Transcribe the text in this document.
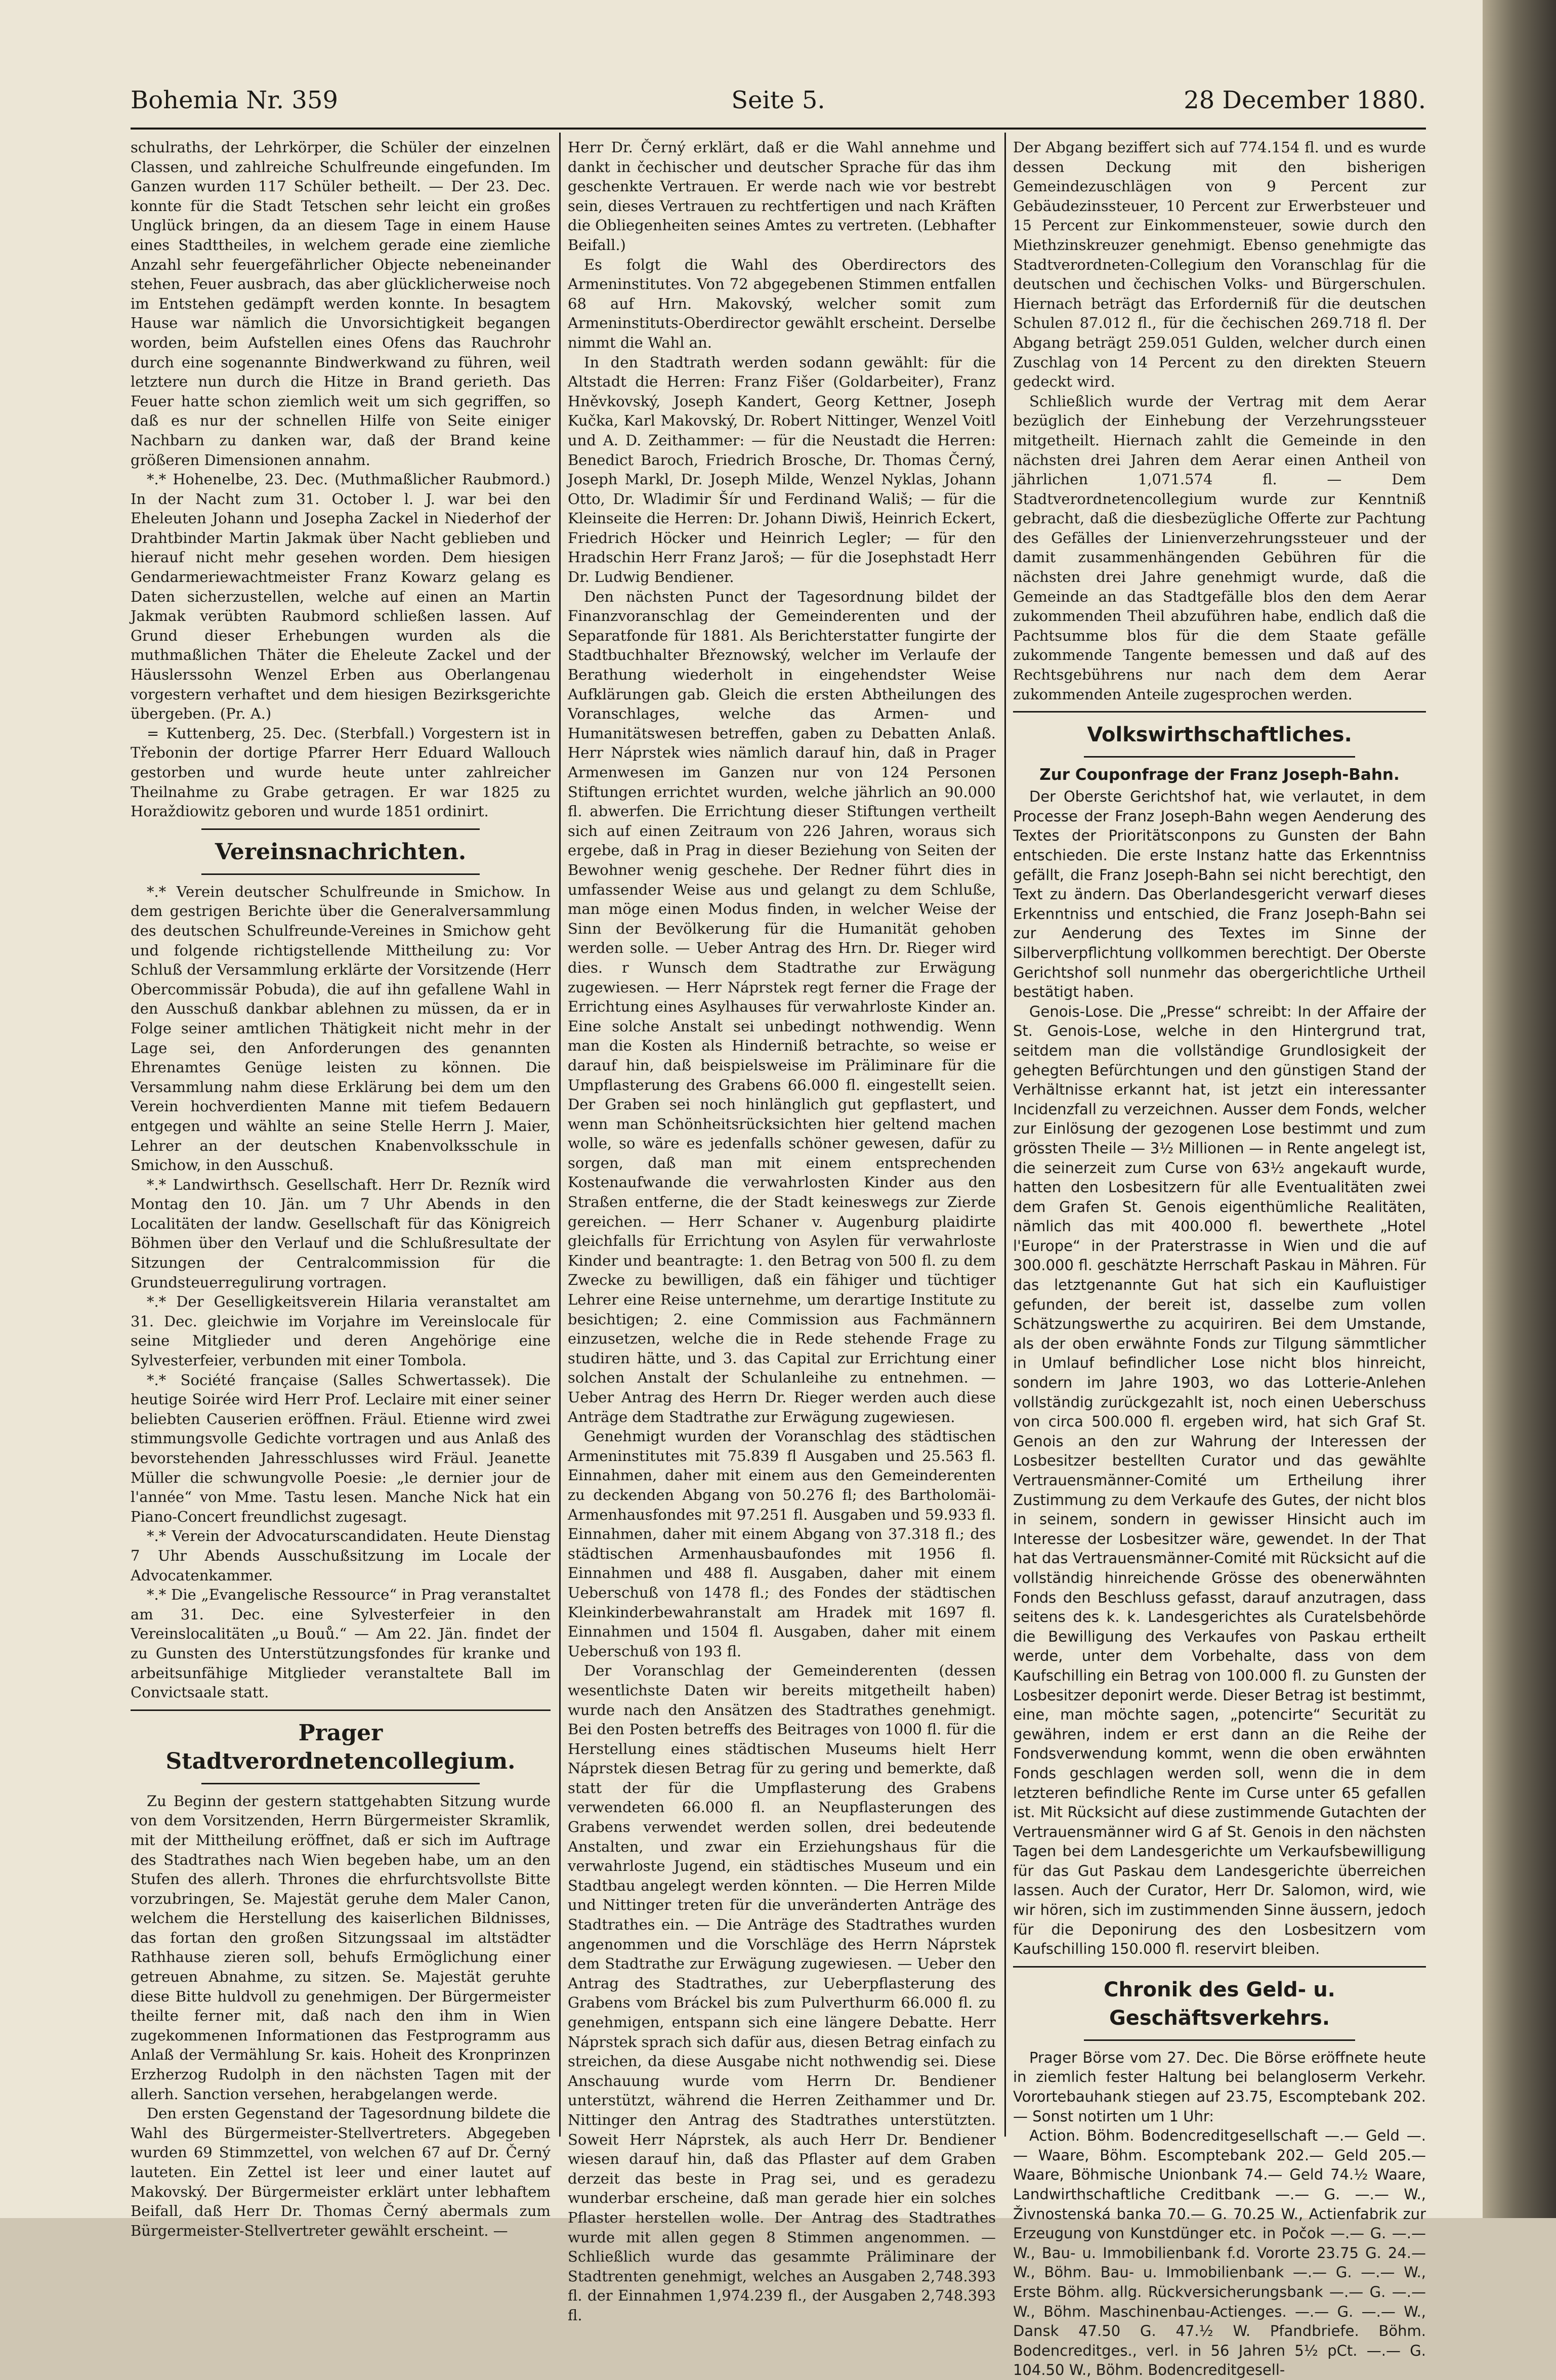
Bohemia Nr. 359	Seite 5.	28 December 1880.

schulraths, der Lehrkörper, die Schüler der einzelnen Classen, und zahlreiche Schulfreunde eingefunden. Im Ganzen wurden 117 Schüler betheilt. — Der 23. Dec. konnte für die Stadt Tetschen sehr leicht ein großes Unglück bringen, da an diesem Tage in einem Hause eines Stadttheiles, in welchem gerade eine ziemliche Anzahl sehr feuergefährlicher Objecte nebeneinander stehen, Feuer ausbrach, das aber glücklicherweise noch im Entstehen gedämpft werden konnte. In besagtem Hause war nämlich die Unvorsichtigkeit begangen worden, beim Aufstellen eines Ofens das Rauchrohr durch eine sogenannte Bindwerkwand zu führen, weil letztere nun durch die Hitze in Brand gerieth. Das Feuer hatte schon ziemlich weit um sich gegriffen, so daß es nur der schnellen Hilfe von Seite einiger Nachbarn zu danken war, daß der Brand keine größeren Dimensionen annahm.

*.* Hohenelbe, 23. Dec. (Muthmaßlicher Raubmord.) In der Nacht zum 31. October l. J. war bei den Eheleuten Johann und Josepha Zackel in Niederhof der Drahtbinder Martin Jakmak über Nacht geblieben und hierauf nicht mehr gesehen worden. Dem hiesigen Gendarmeriewachtmeister Franz Kowarz gelang es Daten sicherzustellen, welche auf einen an Martin Jakmak verübten Raubmord schließen lassen. Auf Grund dieser Erhebungen wurden als die muthmaßlichen Thäter die Eheleute Zackel und der Häuslerssohn Wenzel Erben aus Oberlangenau vorgestern verhaftet und dem hiesigen Bezirksgerichte übergeben. (Pr. A.)

= Kuttenberg, 25. Dec. (Sterbfall.) Vorgestern ist in Třebonin der dortige Pfarrer Herr Eduard Wallouch gestorben und wurde heute unter zahlreicher Theilnahme zu Grabe getragen. Er war 1825 zu Horaždiowitz geboren und wurde 1851 ordinirt.

Vereinsnachrichten.

*.* Verein deutscher Schulfreunde in Smichow. In dem gestrigen Berichte über die Generalversammlung des deutschen Schulfreunde-Vereines in Smichow geht und folgende richtigstellende Mittheilung zu: Vor Schluß der Versammlung erklärte der Vorsitzende (Herr Obercommissär Pobuda), die auf ihn gefallene Wahl in den Ausschuß dankbar ablehnen zu müssen, da er in Folge seiner amtlichen Thätigkeit nicht mehr in der Lage sei, den Anforderungen des genannten Ehrenamtes Genüge leisten zu können. Die Versammlung nahm diese Erklärung bei dem um den Verein hochverdienten Manne mit tiefem Bedauern entgegen und wählte an seine Stelle Herrn J. Maier, Lehrer an der deutschen Knabenvolksschule in Smichow, in den Ausschuß.

*.* Landwirthsch. Gesellschaft. Herr Dr. Rezník wird Montag den 10. Jän. um 7 Uhr Abends in den Localitäten der landw. Gesellschaft für das Königreich Böhmen über den Verlauf und die Schlußresultate der Sitzungen der Centralcommission für die Grundsteuerregulirung vortragen.

*.* Der Geselligkeitsverein Hilaria veranstaltet am 31. Dec. gleichwie im Vorjahre im Vereinslocale für seine Mitglieder und deren Angehörige eine Sylvesterfeier, verbunden mit einer Tombola.

*.* Société française (Salles Schwertassek). Die heutige Soirée wird Herr Prof. Leclaire mit einer seiner beliebten Causerien eröffnen. Fräul. Etienne wird zwei stimmungsvolle Gedichte vortragen und aus Anlaß des bevorstehenden Jahresschlusses wird Fräul. Jeanette Müller die schwungvolle Poesie: „le dernier jour de l'année“ von Mme. Tastu lesen. Manche Nick hat ein Piano-Concert freundlichst zugesagt.

*.* Verein der Advocaturscandidaten. Heute Dienstag 7 Uhr Abends Ausschußsitzung im Locale der Advocatenkammer.

*.* Die „Evangelische Ressource“ in Prag veranstaltet am 31. Dec. eine Sylvesterfeier in den Vereinslocalitäten „u Bouů.“ — Am 22. Jän. findet der zu Gunsten des Unterstützungsfondes für kranke und arbeitsunfähige Mitglieder veranstaltete Ball im Convictsaale statt.

Prager Stadtverordnetencollegium.

Zu Beginn der gestern stattgehabten Sitzung wurde von dem Vorsitzenden, Herrn Bürgermeister Skramlik, mit der Mittheilung eröffnet, daß er sich im Auftrage des Stadtrathes nach Wien begeben habe, um an den Stufen des allerh. Thrones die ehrfurchtsvollste Bitte vorzubringen, Se. Majestät geruhe dem Maler Canon, welchem die Herstellung des kaiserlichen Bildnisses, das fortan den großen Sitzungssaal im altstädter Rathhause zieren soll, behufs Ermöglichung einer getreuen Abnahme, zu sitzen. Se. Majestät geruhte diese Bitte huldvoll zu genehmigen. Der Bürgermeister theilte ferner mit, daß nach den ihm in Wien zugekommenen Informationen das Festprogramm aus Anlaß der Vermählung Sr. kais. Hoheit des Kronprinzen Erzherzog Rudolph in den nächsten Tagen mit der allerh. Sanction versehen, herabgelangen werde.

Den ersten Gegenstand der Tagesordnung bildete die Wahl des Bürgermeister-Stellvertreters. Abgegeben wurden 69 Stimmzettel, von welchen 67 auf Dr. Černý lauteten. Ein Zettel ist leer und einer lautet auf Makovský. Der Bürgermeister erklärt unter lebhaftem Beifall, daß Herr Dr. Thomas Černý abermals zum Bürgermeister-Stellvertreter gewählt erscheint. —

Herr Dr. Černý erklärt, daß er die Wahl annehme und dankt in čechischer und deutscher Sprache für das ihm geschenkte Vertrauen. Er werde nach wie vor bestrebt sein, dieses Vertrauen zu rechtfertigen und nach Kräften die Obliegenheiten seines Amtes zu vertreten. (Lebhafter Beifall.)

Es folgt die Wahl des Oberdirectors des Armeninstitutes. Von 72 abgegebenen Stimmen entfallen 68 auf Hrn. Makovský, welcher somit zum Armeninstituts-Oberdirector gewählt erscheint. Derselbe nimmt die Wahl an.

In den Stadtrath werden sodann gewählt: für die Altstadt die Herren: Franz Fišer (Goldarbeiter), Franz Hněvkovský, Joseph Kandert, Georg Kettner, Joseph Kučka, Karl Makovský, Dr. Robert Nittinger, Wenzel Voitl und A. D. Zeithammer: — für die Neustadt die Herren: Benedict Baroch, Friedrich Brosche, Dr. Thomas Černý, Joseph Markl, Dr. Joseph Milde, Wenzel Nyklas, Johann Otto, Dr. Wladimir Šír und Ferdinand Wališ; — für die Kleinseite die Herren: Dr. Johann Diwiš, Heinrich Eckert, Friedrich Höcker und Heinrich Legler; — für den Hradschin Herr Franz Jaroš; — für die Josephstadt Herr Dr. Ludwig Bendiener.

Den nächsten Punct der Tagesordnung bildet der Finanzvoranschlag der Gemeinderenten und der Separatfonde für 1881. Als Berichterstatter fungirte der Stadtbuchhalter Březnowský, welcher im Verlaufe der Berathung wiederholt in eingehendster Weise Aufklärungen gab. Gleich die ersten Abtheilungen des Voranschlages, welche das Armen- und Humanitätswesen betreffen, gaben zu Debatten Anlaß. Herr Náprstek wies nämlich darauf hin, daß in Prager Armenwesen im Ganzen nur von 124 Personen Stiftungen errichtet wurden, welche jährlich an 90.000 fl. abwerfen. Die Errichtung dieser Stiftungen vertheilt sich auf einen Zeitraum von 226 Jahren, woraus sich ergebe, daß in Prag in dieser Beziehung von Seiten der Bewohner wenig geschehe. Der Redner führt dies in umfassender Weise aus und gelangt zu dem Schluße, man möge einen Modus finden, in welcher Weise der Sinn der Bevölkerung für die Humanität gehoben werden solle. — Ueber Antrag des Hrn. Dr. Rieger wird dies. r Wunsch dem Stadtrathe zur Erwägung zugewiesen. — Herr Náprstek regt ferner die Frage der Errichtung eines Asylhauses für verwahrloste Kinder an. Eine solche Anstalt sei unbedingt nothwendig. Wenn man die Kosten als Hinderniß betrachte, so weise er darauf hin, daß beispielsweise im Präliminare für die Umpflasterung des Grabens 66.000 fl. eingestellt seien. Der Graben sei noch hinlänglich gut gepflastert, und wenn man Schönheitsrücksichten hier geltend machen wolle, so wäre es jedenfalls schöner gewesen, dafür zu sorgen, daß man mit einem entsprechenden Kostenaufwande die verwahrlosten Kinder aus den Straßen entferne, die der Stadt keineswegs zur Zierde gereichen. — Herr Schaner v. Augenburg plaidirte gleichfalls für Errichtung von Asylen für verwahrloste Kinder und beantragte: 1. den Betrag von 500 fl. zu dem Zwecke zu bewilligen, daß ein fähiger und tüchtiger Lehrer eine Reise unternehme, um derartige Institute zu besichtigen; 2. eine Commission aus Fachmännern einzusetzen, welche die in Rede stehende Frage zu studiren hätte, und 3. das Capital zur Errichtung einer solchen Anstalt der Schulanleihe zu entnehmen. — Ueber Antrag des Herrn Dr. Rieger werden auch diese Anträge dem Stadtrathe zur Erwägung zugewiesen.

Genehmigt wurden der Voranschlag des städtischen Armeninstitutes mit 75.839 fl Ausgaben und 25.563 fl. Einnahmen, daher mit einem aus den Gemeinderenten zu deckenden Abgang von 50.276 fl; des Bartholomäi-Armenhausfondes mit 97.251 fl. Ausgaben und 59.933 fl. Einnahmen, daher mit einem Abgang von 37.318 fl.; des städtischen Armenhausbaufondes mit 1956 fl. Einnahmen und 488 fl. Ausgaben, daher mit einem Ueberschuß von 1478 fl.; des Fondes der städtischen Kleinkinderbewahranstalt am Hradek mit 1697 fl. Einnahmen und 1504 fl. Ausgaben, daher mit einem Ueberschuß von 193 fl.

Der Voranschlag der Gemeinderenten (dessen wesentlichste Daten wir bereits mitgetheilt haben) wurde nach den Ansätzen des Stadtrathes genehmigt. Bei den Posten betreffs des Beitrages von 1000 fl. für die Herstellung eines städtischen Museums hielt Herr Náprstek diesen Betrag für zu gering und bemerkte, daß statt der für die Umpflasterung des Grabens verwendeten 66.000 fl. an Neupflasterungen des Grabens verwendet werden sollen, drei bedeutende Anstalten, und zwar ein Erziehungshaus für die verwahrloste Jugend, ein städtisches Museum und ein Stadtbau angelegt werden könnten. — Die Herren Milde und Nittinger treten für die unveränderten Anträge des Stadtrathes ein. — Die Anträge des Stadtrathes wurden angenommen und die Vorschläge des Herrn Náprstek dem Stadtrathe zur Erwägung zugewiesen. — Ueber den Antrag des Stadtrathes, zur Ueberpflasterung des Grabens vom Bráckel bis zum Pulverthurm 66.000 fl. zu genehmigen, entspann sich eine längere Debatte. Herr Náprstek sprach sich dafür aus, diesen Betrag einfach zu streichen, da diese Ausgabe nicht nothwendig sei. Diese Anschauung wurde vom Herrn Dr. Bendiener unterstützt, während die Herren Zeithammer und Dr. Nittinger den Antrag des Stadtrathes unterstützten. Soweit Herr Náprstek, als auch Herr Dr. Bendiener wiesen darauf hin, daß das Pflaster auf dem Graben derzeit das beste in Prag sei, und es geradezu wunderbar erscheine, daß man gerade hier ein solches Pflaster herstellen wolle. Der Antrag des Stadtrathes wurde mit allen gegen 8 Stimmen angenommen. — Schließlich wurde das gesammte Präliminare der Stadtrenten genehmigt, welches an Ausgaben 2,748.393 fl. der Einnahmen 1,974.239 fl., der Ausgaben 2,748.393 fl.

Der Abgang beziffert sich auf 774.154 fl. und es wurde dessen Deckung mit den bisherigen Gemeindezuschlägen von 9 Percent zur Gebäudezinssteuer, 10 Percent zur Erwerbsteuer und 15 Percent zur Einkommensteuer, sowie durch den Miethzinskreuzer genehmigt. Ebenso genehmigte das Stadtverordneten-Collegium den Voranschlag für die deutschen und čechischen Volks- und Bürgerschulen. Hiernach beträgt das Erforderniß für die deutschen Schulen 87.012 fl., für die čechischen 269.718 fl. Der Abgang beträgt 259.051 Gulden, welcher durch einen Zuschlag von 14 Percent zu den direkten Steuern gedeckt wird.

Schließlich wurde der Vertrag mit dem Aerar bezüglich der Einhebung der Verzehrungssteuer mitgetheilt. Hiernach zahlt die Gemeinde in den nächsten drei Jahren dem Aerar einen Antheil von jährlichen 1,071.574 fl. — Dem Stadtverordnetencollegium wurde zur Kenntniß gebracht, daß die diesbezügliche Offerte zur Pachtung des Gefälles der Linienverzehrungssteuer und der damit zusammenhängenden Gebühren für die nächsten drei Jahre genehmigt wurde, daß die Gemeinde an das Stadtgefälle blos den dem Aerar zukommenden Theil abzuführen habe, endlich daß die Pachtsumme blos für die dem Staate gefälle zukommende Tangente bemessen und daß auf des Rechtsgebührens nur nach dem dem Aerar zukommenden Anteile zugesprochen werden.

Volkswirthschaftliches.
Zur Couponfrage der Franz Joseph-Bahn.

Der Oberste Gerichtshof hat, wie verlautet, in dem Processe der Franz Joseph-Bahn wegen Aenderung des Textes der Prioritätsconpons zu Gunsten der Bahn entschieden. Die erste Instanz hatte das Erkenntniss gefällt, die Franz Joseph-Bahn sei nicht berechtigt, den Text zu ändern. Das Oberlandesgericht verwarf dieses Erkenntniss und entschied, die Franz Joseph-Bahn sei zur Aenderung des Textes im Sinne der Silberverpflichtung vollkommen berechtigt. Der Oberste Gerichtshof soll nunmehr das obergerichtliche Urtheil bestätigt haben.

Genois-Lose. Die „Presse“ schreibt: In der Affaire der St. Genois-Lose, welche in den Hintergrund trat, seitdem man die vollständige Grundlosigkeit der gehegten Befürchtungen und den günstigen Stand der Verhältnisse erkannt hat, ist jetzt ein interessanter Incidenzfall zu verzeichnen. Ausser dem Fonds, welcher zur Einlösung der gezogenen Lose bestimmt und zum grössten Theile — 3½ Millionen — in Rente angelegt ist, die seinerzeit zum Curse von 63½ angekauft wurde, hatten den Losbesitzern für alle Eventualitäten zwei dem Grafen St. Genois eigenthümliche Realitäten, nämlich das mit 400.000 fl. bewerthete „Hotel l'Europe“ in der Praterstrasse in Wien und die auf 300.000 fl. geschätzte Herrschaft Paskau in Mähren. Für das letztgenannte Gut hat sich ein Kaufluistiger gefunden, der bereit ist, dasselbe zum vollen Schätzungswerthe zu acquiriren. Bei dem Umstande, als der oben erwähnte Fonds zur Tilgung sämmtlicher in Umlauf befindlicher Lose nicht blos hinreicht, sondern im Jahre 1903, wo das Lotterie-Anlehen vollständig zurückgezahlt ist, noch einen Ueberschuss von circa 500.000 fl. ergeben wird, hat sich Graf St. Genois an den zur Wahrung der Interessen der Losbesitzer bestellten Curator und das gewählte Vertrauensmänner-Comité um Ertheilung ihrer Zustimmung zu dem Verkaufe des Gutes, der nicht blos in seinem, sondern in gewisser Hinsicht auch im Interesse der Losbesitzer wäre, gewendet. In der That hat das Vertrauensmänner-Comité mit Rücksicht auf die vollständig hinreichende Grösse des obenerwähnten Fonds den Beschluss gefasst, darauf anzutragen, dass seitens des k. k. Landesgerichtes als Curatelsbehörde die Bewilligung des Verkaufes von Paskau ertheilt werde, unter dem Vorbehalte, dass von dem Kaufschilling ein Betrag von 100.000 fl. zu Gunsten der Losbesitzer deponirt werde. Dieser Betrag ist bestimmt, eine, man möchte sagen, „potencirte“ Securität zu gewähren, indem er erst dann an die Reihe der Fondsverwendung kommt, wenn die oben erwähnten Fonds geschlagen werden soll, wenn die in dem letzteren befindliche Rente im Curse unter 65 gefallen ist. Mit Rücksicht auf diese zustimmende Gutachten der Vertrauensmänner wird G af St. Genois in den nächsten Tagen bei dem Landesgerichte um Verkaufsbewilligung für das Gut Paskau dem Landesgerichte überreichen lassen. Auch der Curator, Herr Dr. Salomon, wird, wie wir hören, sich im zustimmenden Sinne äussern, jedoch für die Deponirung des den Losbesitzern vom Kaufschilling 150.000 fl. reservirt bleiben.

Chronik des Geld- u. Geschäftsverkehrs.

Prager Börse vom 27. Dec. Die Börse eröffnete heute in ziemlich fester Haltung bei belangloserm Verkehr. Vorortebauhank stiegen auf 23.75, Escomptebank 202. — Sonst notirten um 1 Uhr:

Action. Böhm. Bodencreditgesellschaft —.— Geld —.— Waare, Böhm. Escomptebank 202.— Geld 205.— Waare, Böhmische Unionbank 74.— Geld 74.½ Waare, Landwirthschaftliche Creditbank —.— G. —.— W., Živnostenská banka 70.— G. 70.25 W., Actienfabrik zur Erzeugung von Kunstdünger etc. in Počok —.— G. —.— W., Bau- u. Immobilienbank f.d. Vororte 23.75 G. 24.— W., Böhm. Bau- u. Immobilienbank —.— G. —.— W., Erste Böhm. allg. Rückversicherungsbank —.— G. —.— W., Böhm. Maschinenbau-Actienges. —.— G. —.— W., Dansk 47.50 G. 47.½ W. Pfandbriefe. Böhm. Bodencreditges., verl. in 56 Jahren 5½ pCt. —.— G. 104.50 W., Böhm. Bodencreditgesell-
